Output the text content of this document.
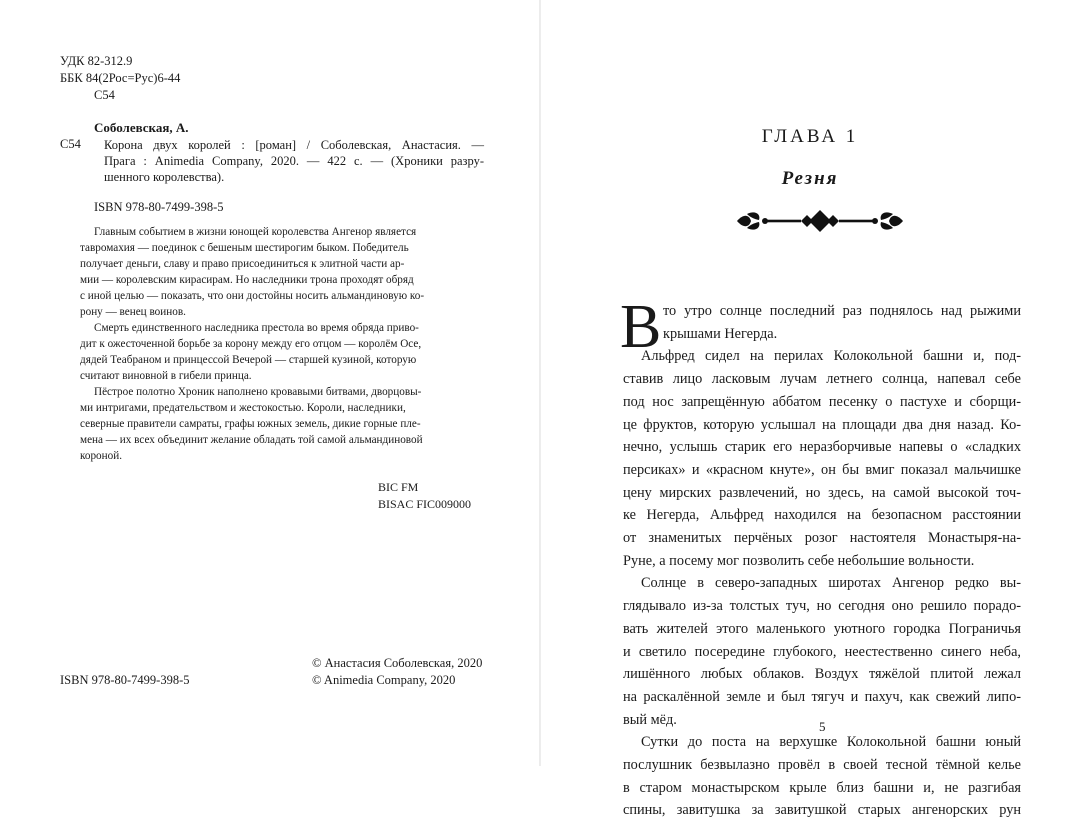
УДК 82-312.9
ББК 84(2Рос=Рус)6-44
С54
Соболевская, А.
С54 Корона двух королей : [роман] / Соболевская, Анастасия. —
Прага : Animedia Company, 2020. — 422 с. — (Хроники разру-
шенного королевства).
ISBN 978-80-7499-398-5
Главным событием в жизни юнощей королевства Ангенор является
тавромахия — поединок с бешеным шестирогим быком. Победитель
получает деньги, славу и право присоединиться к элитной части ар-
мии — королевским кирасирам. Но наследники трона проходят обряд
с иной целью — показать, что они достойны носить альмандиновую ко-
рону — венец воинов.
Смерть единственного наследника престола во время обряда приво-
дит к ожесточенной борьбе за корону между его отцом — королём Осе,
дядей Теабраном и принцессой Вечерой — старшей кузиной, которую
считают виновной в гибели принца.
Пёстрое полотно Хроник наполнено кровавыми битвами, дворцовы-
ми интригами, предательством и жестокостью. Короли, наследники,
северные правители самраты, графы южных земель, дикие горные пле-
мена — их всех объединит желание обладать той самой альмандиновой
короной.
BIC FM
BISAC FIC009000
ISBN 978-80-7499-398-5
© Анастасия Соболевская, 2020
© Animedia Company, 2020
ГЛАВА 1
Резня
В то утро солнце последний раз поднялось над рыжими
крышами Негерда.
Альфред сидел на перилах Колокольной башни и, под-
ставив лицо ласковым лучам летнего солнца, напевал себе
под нос запрещённую аббатом песенку о пастухе и сборщи-
це фруктов, которую услышал на площади два дня назад. Ко-
нечно, услышь старик его неразборчивые напевы о «сладких
персиках» и «красном кнуте», он бы вмиг показал мальчишке
цену мирских развлечений, но здесь, на самой высокой точ-
ке Негерда, Альфред находился на безопасном расстоянии
от знаменитых перчёных розог настоятеля Монастыря-на-
Руне, а посему мог позволить себе небольшие вольности.
Солнце в северо-западных широтах Ангенор редко вы-
глядывало из-за толстых туч, но сегодня оно решило порадо-
вать жителей этого маленького уютного городка Пограничья
и светило посередине глубокого, неестественно синего неба,
лишённого любых облаков. Воздух тяжёлой плитой лежал
на раскалённой земле и был тягуч и пахуч, как свежий липо-
вый мёд.
Сутки до поста на верхушке Колокольной башни юный
послушник безвылазно провёл в своей тесной тёмной келье
в старом монастырском крыле близ башни и, не разгибая
спины, завитушка за завитушкой старых ангенорских рун
5
